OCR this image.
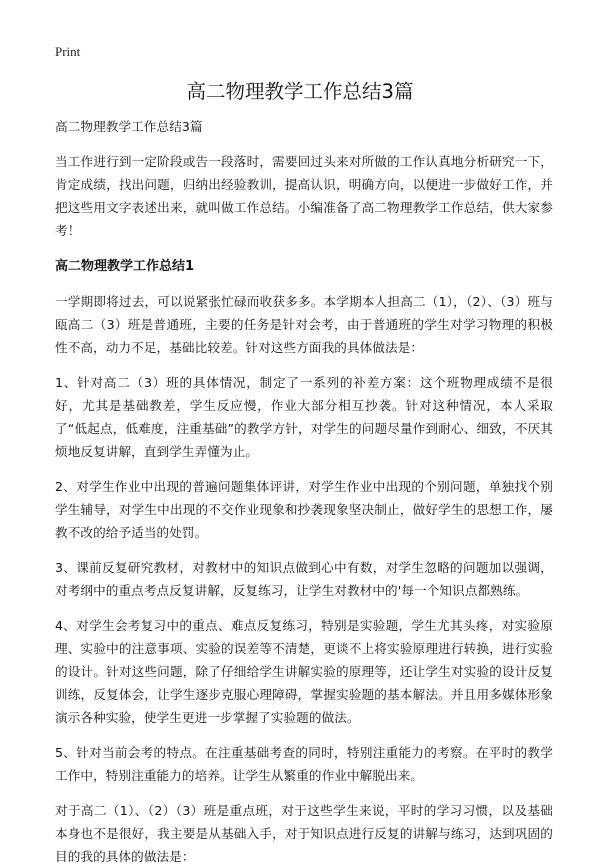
Print
高二物理教学工作总结3篇

高二物理教学工作总结3篇

当工作进行到一定阶段或告一段落时，需要回过头来对所做的工作认真地分析研究一下，肯定成绩，找出问题，归纳出经验教训，提高认识，明确方向，以便进一步做好工作，并把这些用文字表述出来，就叫做工作总结。小编准备了高二物理教学工作总结，供大家参考！

高二物理教学工作总结1

一学期即将过去，可以说紧张忙碌而收获多多。本学期本人担高二（1），（2）、（3）班与瓯高二（3）班是普通班，主要的任务是针对会考，由于普通班的学生对学习物理的积极性不高，动力不足，基础比较差。针对这些方面我的具体做法是：

1、针对高二（3）班的具体情况，制定了一系列的补差方案：这个班物理成绩不是很好，尤其是基础教差，学生反应慢，作业大部分相互抄袭。针对这种情况，本人采取了“低起点，低难度，注重基础”的教学方针，对学生的问题尽量作到耐心、细致，不厌其烦地反复讲解，直到学生弄懂为止。

2、对学生作业中出现的普遍问题集体评讲，对学生作业中出现的个别问题，单独找个别学生辅导，对学生中出现的不交作业现象和抄袭现象坚决制止，做好学生的思想工作，屡教不改的给予适当的处罚。

3、课前反复研究教材，对教材中的知识点做到心中有数，对学生忽略的问题加以强调，对考纲中的重点考点反复讲解，反复练习，让学生对教材中的'每一个知识点都熟练。

4、对学生会考复习中的重点、难点反复练习，特别是实验题，学生尤其头疼，对实验原理、实验中的注意事项、实验的误差等不清楚，更谈不上将实验原理进行转换，进行实验的设计。针对这些问题，除了仔细给学生讲解实验的原理等，还让学生对实验的设计反复训练，反复体会，让学生逐步克服心理障碍，掌握实验题的基本解法。并且用多媒体形象演示各种实验，使学生更进一步掌握了实验题的做法。

5、针对当前会考的特点。在注重基础考查的同时，特别注重能力的考察。在平时的教学工作中，特别注重能力的培养。让学生从繁重的作业中解脱出来。

对于高二（1）、（2）（3）班是重点班，对于这些学生来说，平时的学习习惯，以及基础本身也不是很好，我主要是从基础入手，对于知识点进行反复的讲解与练习，达到巩固的目的我的具体的做法是：
